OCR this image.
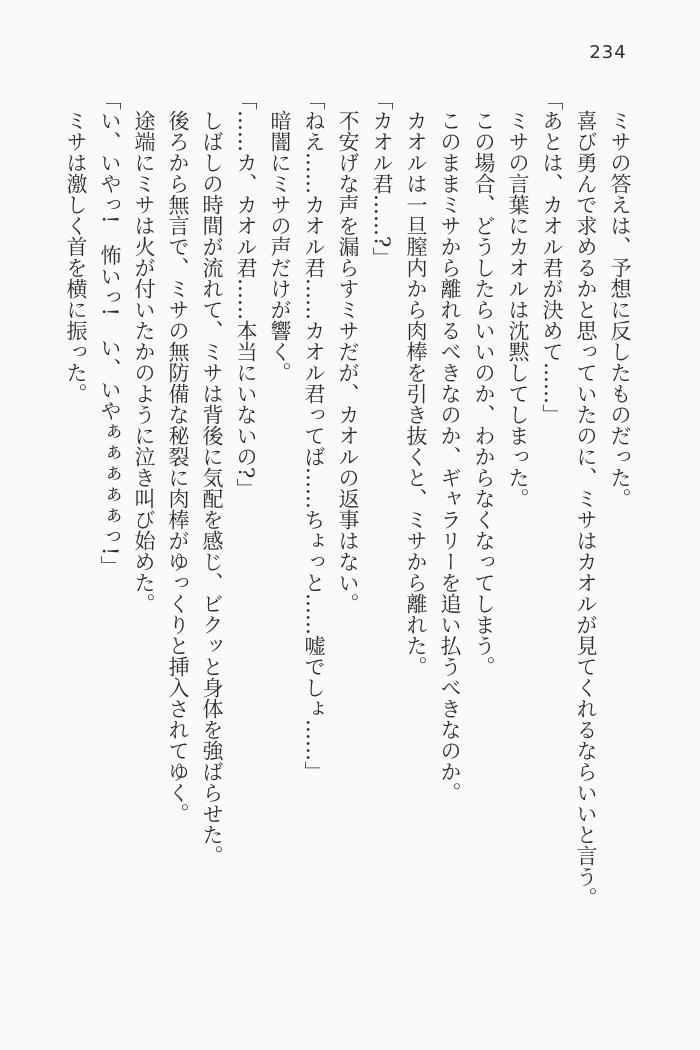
234

ミサの答えは、予想に反したものだった。

喜び勇んで求めるかと思っていたのに、ミサはカオルが見てくれるならいいと言う。

「あとは、カオル君が決めて……」

ミサの言葉にカオルは沈黙してしまった。

この場合、どうしたらいいのか、わからなくなってしまう。

このままミサから離れるべきなのか、ギャラリーを追い払うべきなのか。

カオルは一旦膣内から肉棒を引き抜くと、ミサから離れた。

「カオル君……?」

不安げな声を漏らすミサだが、カオルの返事はない。

「ねえ……カオル君……カオル君ってば……ちょっと……嘘でしょ……」

暗闇にミサの声だけが響く。

「……カ、カオル君……本当にいないの?」

しばしの時間が流れて、ミサは背後に気配を感じ、ビクッと身体を強ばらせた。

後ろから無言で、ミサの無防備な秘裂に肉棒がゆっくりと挿入されてゆく。

途端にミサは火が付いたかのように泣き叫び始めた。

「い、いやっ!　怖いっ!　い、いやぁぁぁぁぁっ!」

ミサは激しく首を横に振った。
